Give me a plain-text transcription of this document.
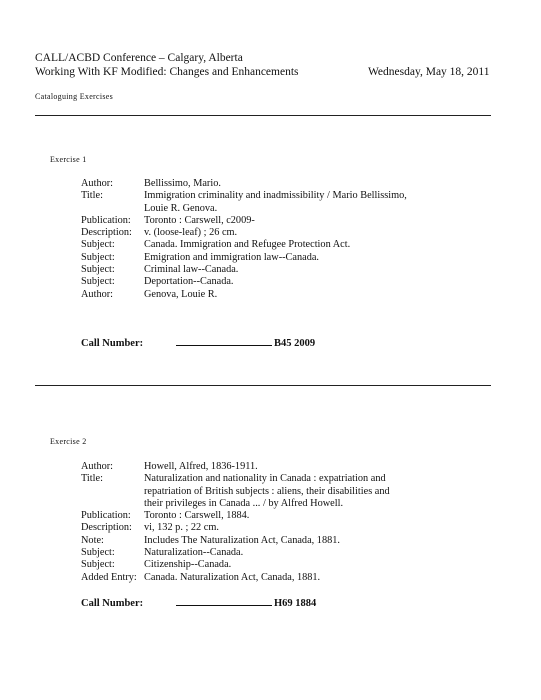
CALL/ACBD Conference – Calgary, Alberta
Working With KF Modified: Changes and Enhancements	Wednesday, May 18, 2011
Cataloguing Exercises
Exercise 1
Author:	Bellissimo, Mario.
Title:	Immigration criminality and inadmissibility / Mario Bellissimo, Louie R. Genova.
Publication:	Toronto : Carswell, c2009-
Description:	v. (loose-leaf) ; 26 cm.
Subject:	Canada. Immigration and Refugee Protection Act.
Subject:	Emigration and immigration law--Canada.
Subject:	Criminal law--Canada.
Subject:	Deportation--Canada.
Author:	Genova, Louie R.
Call Number:	B45 2009
Exercise 2
Author:	Howell, Alfred, 1836-1911.
Title:	Naturalization and nationality in Canada : expatriation and repatriation of British subjects : aliens, their disabilities and their privileges in Canada ... / by Alfred Howell.
Publication:	Toronto : Carswell, 1884.
Description:	vi, 132 p. ; 22 cm.
Note:	Includes The Naturalization Act, Canada, 1881.
Subject:	Naturalization--Canada.
Subject:	Citizenship--Canada.
Added Entry: Canada. Naturalization Act, Canada, 1881.
Call Number:	H69 1884
